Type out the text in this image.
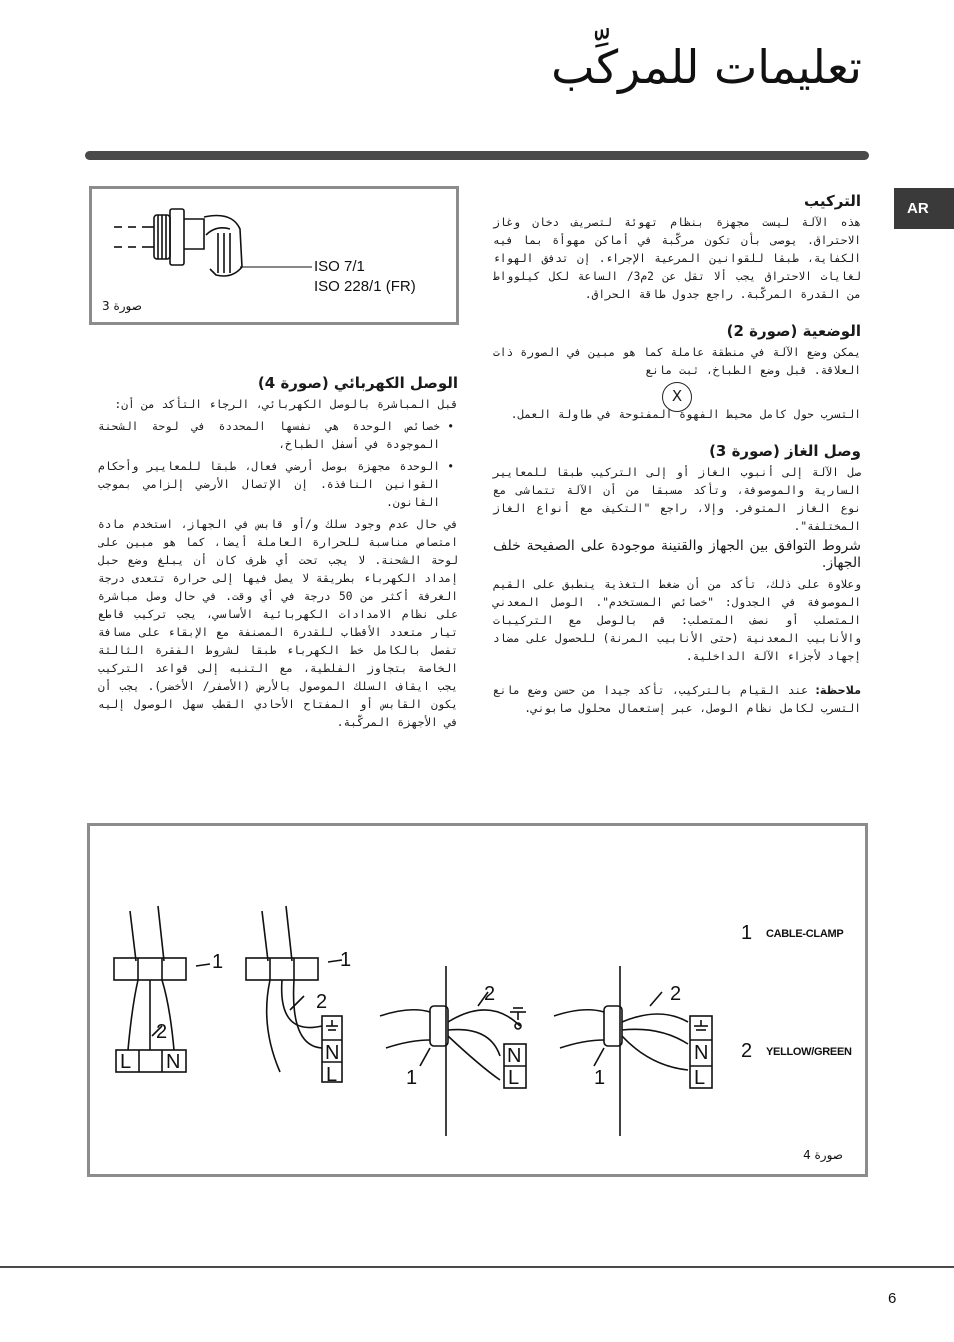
تعليمات للمركِّب
AR
التركيب
هذه الآلة ليست مجهزة بنظام تهوئة لتصريف دخان وغاز الاحتراق. يوصى بأن تكون مركّبة في أماكن مهوأة بما فيه الكفاية، طبقا للقوانين المرعية الإجراء. إن تدفق الهواء لغايات الاحتراق يجب ألا تقل عن 2م3/ الساعة لكل كيلوواط من القدرة المركّبة. راجع جدول طاقة الحراق.
الوضعية (صورة 2)
يمكن وضع الآلة في منطقة عاملة كما هو مبين في الصورة ذات العلاقة. قبل وضع الطباخ، ثبت مانع
X
التسرب حول كامل محيط الفهوة المفتوحة في طاولة العمل.
وصل الغاز (صورة 3)
صل الآلة إلى أنبوب الغاز أو إلى التركيب طبقا للمعايير السارية والموصوفة، وتأكد مسبقا من أن الآلة تتماشى مع نوع الغاز المتوفر. وإلا، راجع "التكيف مع أنواع الغاز المختلفة".
شروط التوافق بين الجهاز والقنينة موجودة على الصفيحة خلف الجهاز.
وعلاوة على ذلك، تأكد من أن ضغط التغذية ينطبق على القيم الموصوفة في الجدول: "خصائص المستخدم". الوصل المعدني المتصلب أو نصف المتصلب: قم بالوصل مع التركيبات والأنابيب المعدنية (حتى الأنابيب المرنة) للحصول على مضاد إجهاد لأجزاء الآلة الداخلية.
ملاحظة: عند القيام بالتركيب، تأكد جيدا من حسن وضع مانع التسرب لكامل نظام الوصل، عبر إستعمال محلول صابوني.
ISO 7/1
ISO 228/1 (FR)
صورة 3
الوصل الكهربائي (صورة 4)
قبل المباشرة بالوصل الكهربائي، الرجاء التأكد من أن:
•
خصائص الوحدة هي نفسها المحددة في لوحة الشحنة الموجودة في أسفل الطباخ،
•
الوحدة مجهزة بوصل أرضي فعال، طبقا للمعايير وأحكام القوانين النافذة. إن الإتصال الأرضي إلزامي بموجب القانون.
في حال عدم وجود سلك و/أو قابس في الجهاز، استخدم مادة امتصاص مناسبة للحرارة العاملة أيضا، كما هو مبين على لوحة الشحنة. لا يجب تحت أي ظرف كان أن يبلغ وضع حبل إمداد الكهرباء بطريقة لا يصل فيها إلى حرارة تتعدى درجة الغرفة أكثر من 50 درجة في أي وقت. في حال وصل مباشرة على نظام الامدادات الكهربائية الأساسي، يجب تركيب قاطع تيار متعدد الأقطاب للقدرة المصنفة مع الإبقاء على مسافة تفصل بالكامل خط الكهرباء طبقا لشروط الفقرة الثالثة الخاصة بتجاوز الفلطية، مع التنبه إلى قواعد التركيب يجب ايقاف السلك الموصول بالأرض (الأصفر/ الأخضر). يجب أن يكون القابس أو المفتاح الأحادي القطب سهل الوصول إليه في الأجهزة المركّبة.
1
2
L N
1
2
N
L
2
1
N
L
2
1
N
L
1 CABLE-CLAMP
2 YELLOW/GREEN
صورة 4
6
